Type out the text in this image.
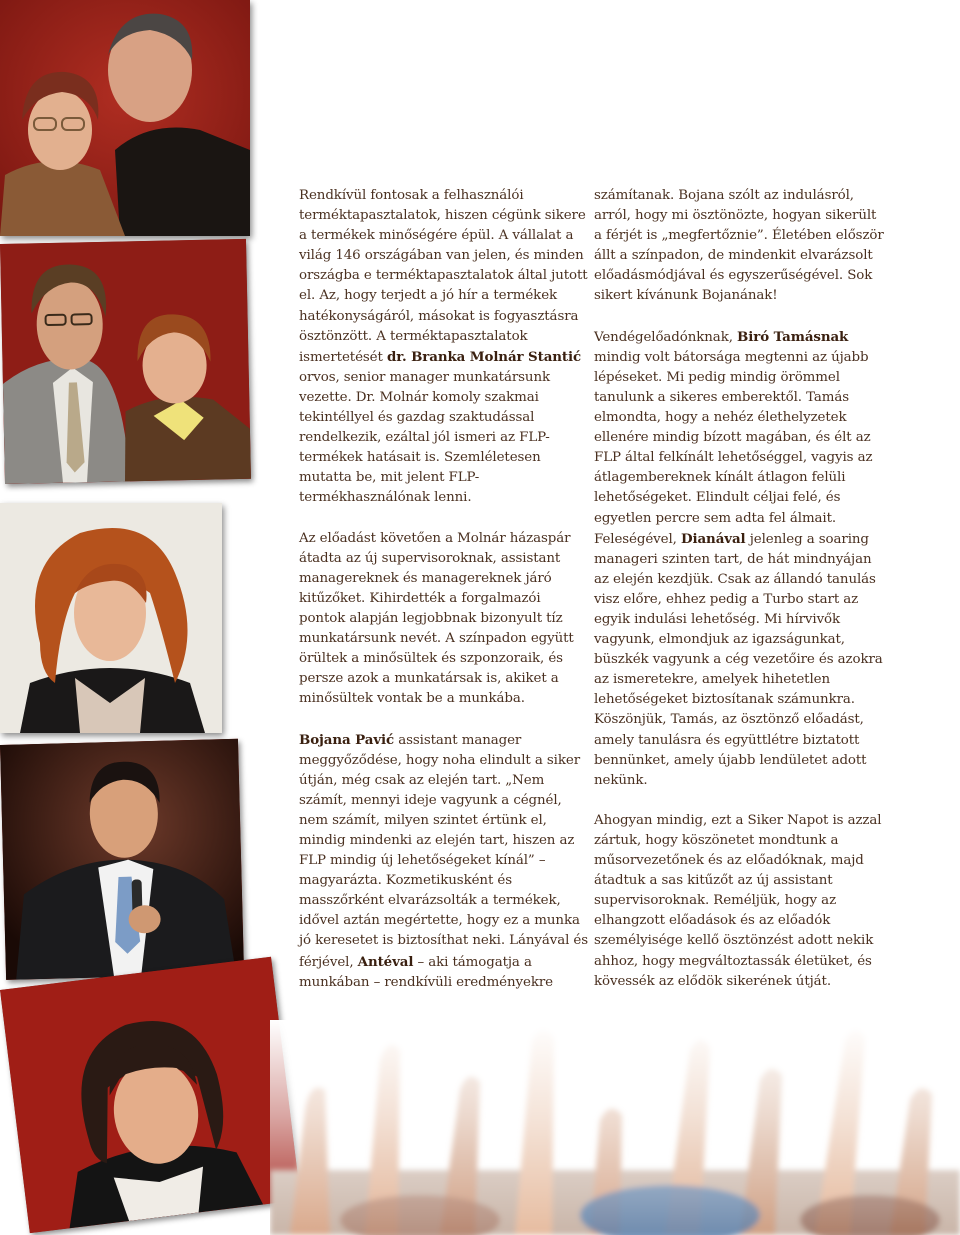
Rendkívül fontosak a felhasználói terméktapasztalatok, hiszen cégünk sikere a termékek minőségére épül. A vállalat a világ 146 országában van jelen, és minden országba e terméktapasztalatok által jutott el. Az, hogy terjedt a jó hír a termékek hatékonyságáról, másokat is fogyasztásra ösztönzött. A terméktapasztalatok ismertetését dr. Branka Molnár Stantić orvos, senior manager munkatársunk vezette. Dr. Molnár komoly szakmai tekintéllyel és gazdag szaktudással rendelkezik, ezáltal jól ismeri az FLP-termékek hatásait is. Szemléletesen mutatta be, mit jelent FLP-termékhasználónak lenni.

Az előadást követően a Molnár házaspár átadta az új supervisoroknak, assistant managereknek és managereknek járó kitűzőket. Kihirdették a forgalmazói pontok alapján legjobbnak bizonyult tíz munkatársunk nevét. A színpadon együtt örültek a minősültek és szponzoraik, és persze azok a munkatársak is, akiket a minősültek vontak be a munkába.

Bojana Pavić assistant manager meggyőződése, hogy noha elindult a siker útján, még csak az elején tart. „Nem számít, mennyi ideje vagyunk a cégnél, nem számít, milyen szintet értünk el, mindig mindenki az elején tart, hiszen az FLP mindig új lehetőségeket kínál” – magyarázta. Kozmetikusként és masszőrként elvarázsolták a termékek, idővel aztán megértette, hogy ez a munka jó keresetet is biztosíthat neki. Lányával és férjével, Antéval – aki támogatja a munkában – rendkívüli eredményekre

számítanak. Bojana szólt az indulásról, arról, hogy mi ösztönözte, hogyan sikerült a férjét is „megfertőznie”. Életében először állt a színpadon, de mindenkit elvarázsolt előadásmódjával és egyszerűségével. Sok sikert kívánunk Bojanának!

Vendégelőadónknak, Biró Tamásnak mindig volt bátorsága megtenni az újabb lépéseket. Mi pedig mindig örömmel tanulunk a sikeres emberektől. Tamás elmondta, hogy a nehéz élethelyzetek ellenére mindig bízott magában, és élt az FLP által felkínált lehetőséggel, vagyis az átlagembereknek kínált átlagon felüli lehetőségeket. Elindult céljai felé, és egyetlen percre sem adta fel álmait. Feleségével, Dianával jelenleg a soaring manageri szinten tart, de hát mindnyájan az elején kezdjük. Csak az állandó tanulás visz előre, ehhez pedig a Turbo start az egyik indulási lehetőség. Mi hírvivők vagyunk, elmondjuk az igazságunkat, büszkék vagyunk a cég vezetőire és azokra az ismeretekre, amelyek hihetetlen lehetőségeket biztosítanak számunkra. Köszönjük, Tamás, az ösztönző előadást, amely tanulásra és együttlétre biztatott bennünket, amely újabb lendületet adott nekünk.

Ahogyan mindig, ezt a Siker Napot is azzal zártuk, hogy köszönetet mondtunk a műsorvezetőnek és az előadóknak, majd átadtuk a sas kitűzőt az új assistant supervisoroknak. Reméljük, hogy az elhangzott előadások és az előadók személyisége kellő ösztönzést adott nekik ahhoz, hogy megváltoztassák életüket, és kövessék az elődök sikerének útját.
